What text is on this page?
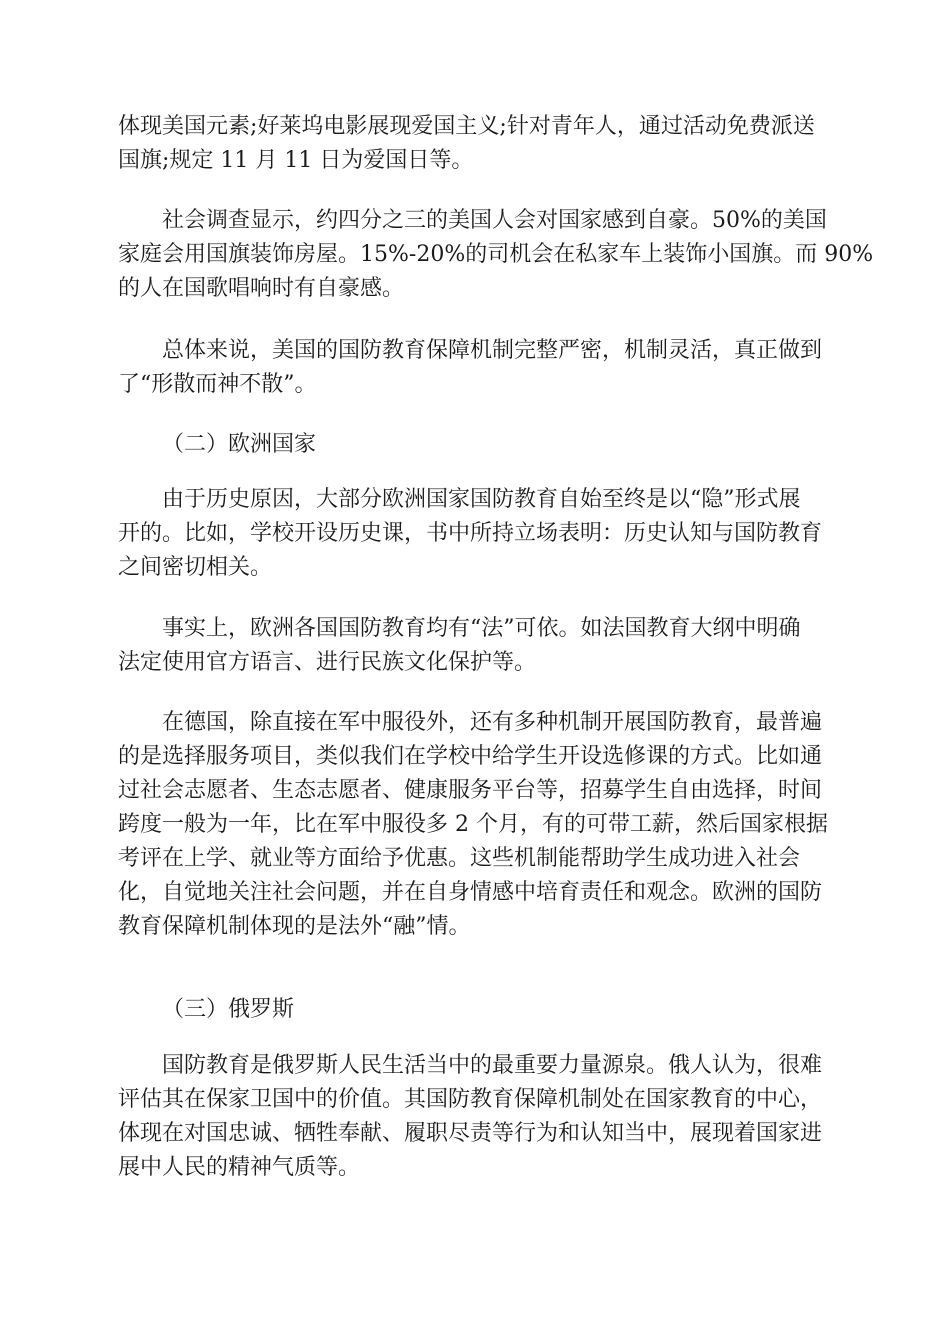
体现美国元素;好莱坞电影展现爱国主义;针对青年人，通过活动免费派送
国旗;规定 11 月 11 日为爱国日等。
社会调查显示，约四分之三的美国人会对国家感到自豪。50%的美国
家庭会用国旗装饰房屋。15%-20%的司机会在私家车上装饰小国旗。而 90%
的人在国歌唱响时有自豪感。
总体来说，美国的国防教育保障机制完整严密，机制灵活，真正做到
了“形散而神不散”。
（二）欧洲国家
由于历史原因，大部分欧洲国家国防教育自始至终是以“隐”形式展
开的。比如，学校开设历史课，书中所持立场表明：历史认知与国防教育
之间密切相关。
事实上，欧洲各国国防教育均有“法”可依。如法国教育大纲中明确
法定使用官方语言、进行民族文化保护等。
在德国，除直接在军中服役外，还有多种机制开展国防教育，最普遍
的是选择服务项目，类似我们在学校中给学生开设选修课的方式。比如通
过社会志愿者、生态志愿者、健康服务平台等，招募学生自由选择，时间
跨度一般为一年，比在军中服役多 2 个月，有的可带工薪，然后国家根据
考评在上学、就业等方面给予优惠。这些机制能帮助学生成功进入社会
化，自觉地关注社会问题，并在自身情感中培育责任和观念。欧洲的国防
教育保障机制体现的是法外“融”情。
（三）俄罗斯
国防教育是俄罗斯人民生活当中的最重要力量源泉。俄人认为，很难
评估其在保家卫国中的价值。其国防教育保障机制处在国家教育的中心，
体现在对国忠诚、牺牲奉献、履职尽责等行为和认知当中，展现着国家进
展中人民的精神气质等。
